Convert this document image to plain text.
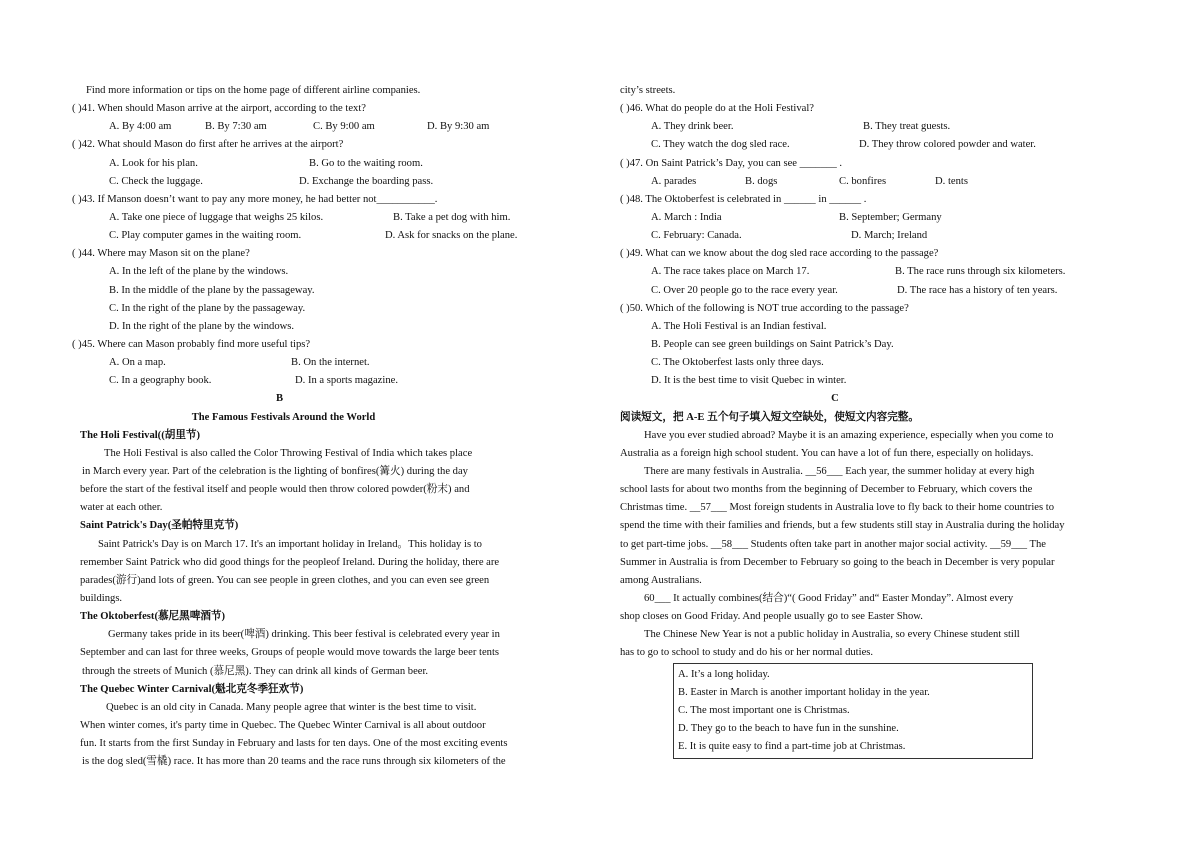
Find more information or tips on the home page of different airline companies.
( )41. When should Mason arrive at the airport, according to the text?
A. By 4:00 am	B. By 7:30 am	C. By 9:00 am	D. By 9:30 am
( )42. What should Mason do first after he arrives at the airport?
A. Look for his plan.	B. Go to the waiting room.
C. Check the luggage.	D. Exchange the boarding pass.
( )43. If Manson doesn’t want to pay any more money, he had better not___________.
A. Take one piece of luggage that weighs 25 kilos.	B. Take a pet dog with him.
C. Play computer games in the waiting room.	D. Ask for snacks on the plane.
( )44. Where may Mason sit on the plane?
A. In the left of the plane by the windows.
B. In the middle of the plane by the passageway.
C. In the right of the plane by the passageway.
D. In the right of the plane by the windows.
( )45. Where can Mason probably find more useful tips?
A. On a map.	B. On the internet.
C. In a geography book.	D. In a sports magazine.
B
The Famous Festivals Around the World
The Holi Festival((胡里节)
The Holi Festival is also called the Color Throwing Festival of India which takes place
in March every year. Part of the celebration is the lighting of bonfires(篝火) during the day
before the start of the festival itself and people would then throw colored powder(粉末) and
water at each other.
Saint Patrick's Day(圣帕特里克节)
Saint Patrick's Day is on March 17. It's an important holiday in Ireland。This holiday is to
remember Saint Patrick who did good things for the peopleof Ireland. During the holiday, there are
parades(游行)and lots of green. You can see people in green clothes, and you can even see green
buildings.
The Oktoberfest(慕尼黑啤酒节)
Germany takes pride in its beer(啤酒) drinking. This beer festival is celebrated every year in
September and can last for three weeks, Groups of people would move towards the large beer tents
through the streets of Munich (慕尼黑). They can drink all kinds of German beer.
The Quebec Winter Carnival(魁北克冬季狂欢节)
Quebec is an old city in Canada. Many people agree that winter is the best time to visit.
When winter comes, it's party time in Quebec. The Quebec Winter Carnival is all about outdoor
fun. It starts from the first Sunday in February and lasts for ten days. One of the most exciting events
is the dog sled(雪橇) race. It has more than 20 teams and the race runs through six kilometers of the
city’s streets.
( )46. What do people do at the Holi Festival?
A. They drink beer.	B. They treat guests.
C. They watch the dog sled race.	D. They throw colored powder and water.
( )47. On Saint Patrick’s Day, you can see _______ .
A. parades	B. dogs	C. bonfires	D. tents
( )48. The Oktoberfest is celebrated in ______ in ______ .
A. March : India	B. September; Germany
C. February: Canada.	D. March; Ireland
( )49. What can we know about the dog sled race according to the passage?
A. The race takes place on March 17.	B. The race runs through six kilometers.
C. Over 20 people go to the race every year.	D. The race has a history of ten years.
( )50. Which of the following is NOT true according to the passage?
A. The Holi Festival is an Indian festival.
B. People can see green buildings on Saint Patrick’s Day.
C. The Oktoberfest lasts only three days.
D. It is the best time to visit Quebec in winter.
C
阅读短文，把 A-E 五个句子填入短文空缺处，使短文内容完整。
Have you ever studied abroad? Maybe it is an amazing experience, especially when you come to
Australia as a foreign high school student. You can have a lot of fun there, especially on holidays.
There are many festivals in Australia. __56___ Each year, the summer holiday at every high
school lasts for about two months from the beginning of December to February, which covers the
Christmas time. __57___ Most foreign students in Australia love to fly back to their home countries to
spend the time with their families and friends, but a few students still stay in Australia during the holiday
to get part-time jobs. __58___ Students often take part in another major social activity. __59___ The
Summer in Australia is from December to February so going to the beach in December is very popular
among Australians.
60___ It actually combines(结合)“( Good Friday” and“ Easter Monday”. Almost every
shop closes on Good Friday. And people usually go to see Easter Show.
The Chinese New Year is not a public holiday in Australia, so every Chinese student still
has to go to school to study and do his or her normal duties.
A. It’s a long holiday.
B. Easter in March is another important holiday in the year.
C. The most important one is Christmas.
D. They go to the beach to have fun in the sunshine.
E. It is quite easy to find a part-time job at Christmas.
